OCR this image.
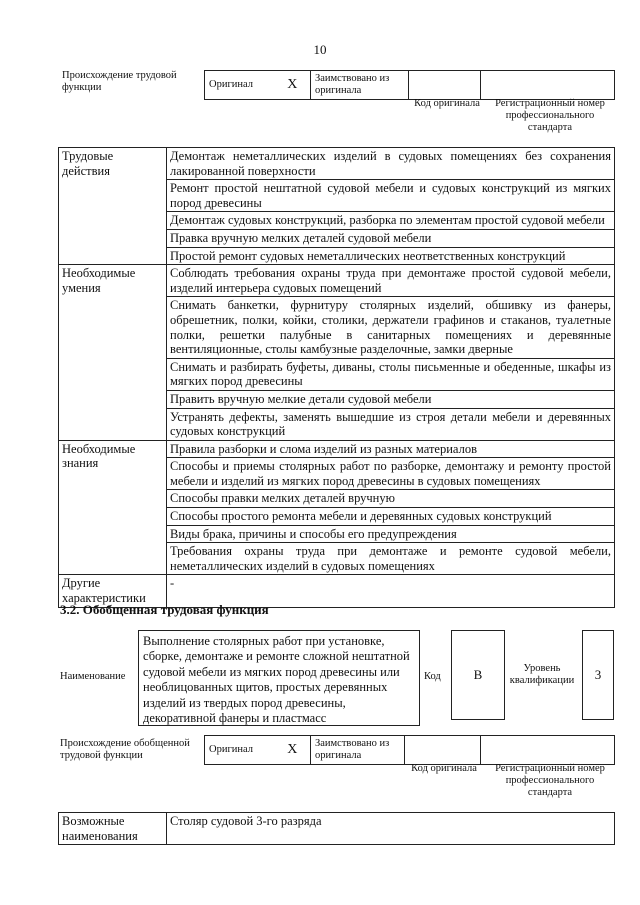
10
Происхождение трудовой функции	Оригинал	X	Заимствовано из оригинала		
Код оригинала	Регистрационный номер профессионального стандарта
Трудовые действия	Демонтаж неметаллических изделий в судовых помещениях без сохранения лакированной поверхности
	Ремонт простой нештатной судовой мебели и судовых конструкций из мягких пород древесины
	Демонтаж судовых конструкций, разборка по элементам простой судовой мебели
	Правка вручную мелких деталей судовой мебели
	Простой ремонт судовых неметаллических неответственных конструкций
Необходимые умения	Соблюдать требования охраны труда при демонтаже простой судовой мебели, изделий интерьера судовых помещений
	Снимать банкетки, фурнитуру столярных изделий, обшивку из фанеры, обрешетник, полки, койки, столики, держатели графинов и стаканов, туалетные полки, решетки палубные в санитарных помещениях и деревянные вентиляционные, столы камбузные разделочные, замки дверные
	Снимать и разбирать буфеты, диваны, столы письменные и обеденные, шкафы из мягких пород древесины
	Править вручную мелкие детали судовой мебели
	Устранять дефекты, заменять вышедшие из строя детали мебели и деревянных судовых конструкций
Необходимые знания	Правила разборки и слома изделий из разных материалов
	Способы и приемы столярных работ по разборке, демонтажу и ремонту простой мебели и изделий из мягких пород древесины в судовых помещениях
	Способы правки мелких деталей вручную
	Способы простого ремонта мебели и деревянных судовых конструкций
	Виды брака, причины и способы его предупреждения
	Требования охраны труда при демонтаже и ремонте судовой мебели, неметаллических изделий в судовых помещениях
Другие характеристики	-
3.2. Обобщенная трудовая функция
Наименование
Выполнение столярных работ при установке, сборке, демонтаже и ремонте сложной нештатной судовой мебели из мягких пород древесины или необлицованных щитов, простых деревянных изделий из твердых пород древесины, декоративной фанеры и пластмасс
Код	B	Уровень квалификации	3
Происхождение обобщенной трудовой функции
Оригинал	X	Заимствовано из оригинала		
Код оригинала	Регистрационный номер профессионального стандарта
Возможные наименования	Столяр судовой 3-го разряда
